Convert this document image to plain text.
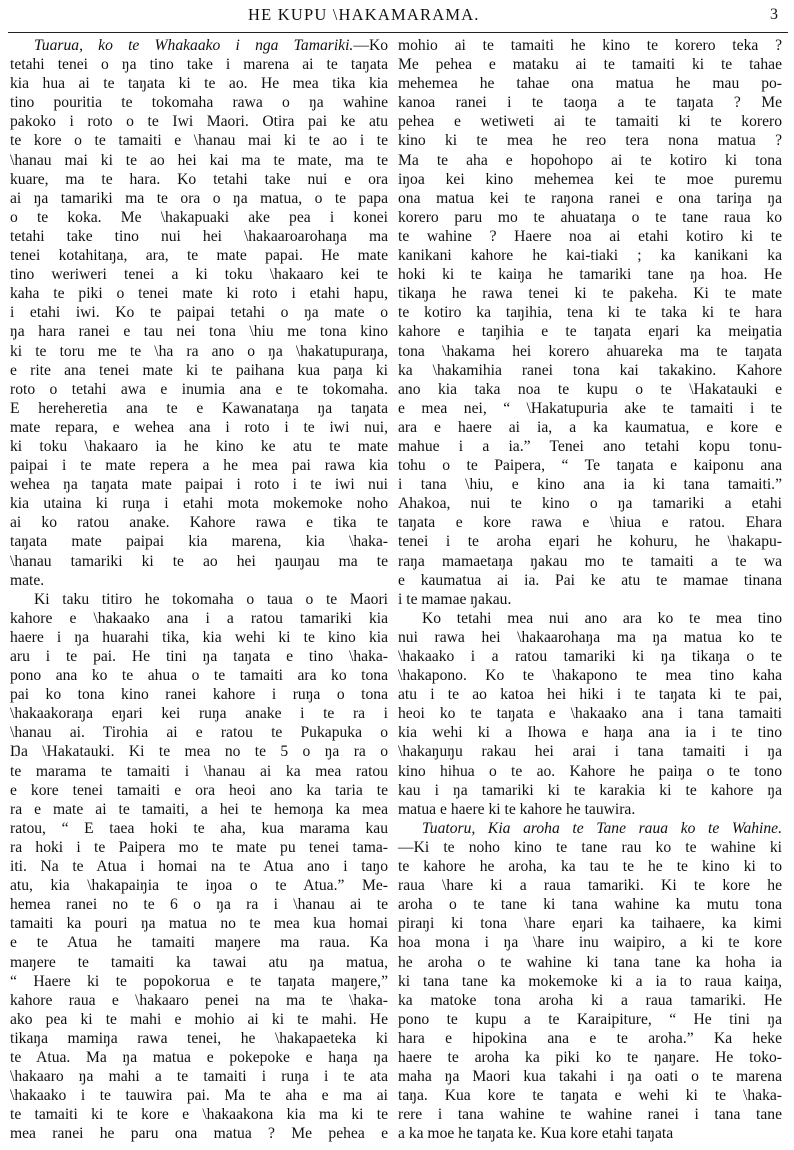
HE KUPU \HAKAMARAMA.	3
Tuarua, ko te Whakaako i nga Tamariki.—Ko
tetahi tenei o ŋa tino take i marena ai te taŋata
kia hua ai te taŋata ki te ao. He mea tika kia
tino pouritia te tokomaha rawa o ŋa wahine
pakoko i roto o te Iwi Maori. Otira pai ke atu
te kore o te tamaiti e \hanau mai ki te ao i te
\hanau mai ki te ao hei kai ma te mate, ma te
kuare, ma te hara. Ko tetahi take nui e ora
ai ŋa tamariki ma te ora o ŋa matua, o te papa
o te koka. Me \hakapuaki ake pea i konei
tetahi take tino nui hei \hakaaroarohaŋa ma
tenei kotahitaŋa, ara, te mate papai. He mate
tino weriweri tenei a ki toku \hakaaro kei te
kaha te piki o tenei mate ki roto i etahi hapu,
i etahi iwi. Ko te paipai tetahi o ŋa mate o
ŋa hara ranei e tau nei tona \hiu me tona kino
ki te toru me te \ha ra ano o ŋa \hakatupuraŋa,
e rite ana tenei mate ki te paihana kua paŋa ki
roto o tetahi awa e inumia ana e te tokomaha.
E hereheretia ana te e Kawanataŋa ŋa taŋata
mate repara, e wehea ana i roto i te iwi nui,
ki toku \hakaaro ia he kino ke atu te mate
paipai i te mate repera a he mea pai rawa kia
wehea ŋa taŋata mate paipai i roto i te iwi nui
kia utaina ki ruŋa i etahi mota mokemoke noho
ai ko ratou anake. Kahore rawa e tika te
taŋata mate paipai kia marena, kia \haka-
\hanau tamariki ki te ao hei ŋauŋau ma te
mate.
Ki taku titiro he tokomaha o taua o te Maori
kahore e \hakaako ana i a ratou tamariki kia
haere i ŋa huarahi tika, kia wehi ki te kino kia
aru i te pai. He tini ŋa taŋata e tino \haka-
pono ana ko te ahua o te tamaiti ara ko tona
pai ko tona kino ranei kahore i ruŋa o tona
\hakaakoraŋa eŋari kei ruŋa anake i te ra i
\hanau ai. Tirohia ai e ratou te Pukapuka o
Ŋa \Hakatauki. Ki te mea no te 5 o ŋa ra o
te marama te tamaiti i \hanau ai ka mea ratou
e kore tenei tamaiti e ora heoi ano ka taria te
ra e mate ai te tamaiti, a hei te hemoŋa ka mea
ratou, “ E taea hoki te aha, kua marama kau
ra hoki i te Paipera mo te mate pu tenei tama-
iti. Na te Atua i homai na te Atua ano i taŋo
atu, kia \hakapaiŋia te iŋoa o te Atua.” Me-
hemea ranei no te 6 o ŋa ra i \hanau ai te
tamaiti ka pouri ŋa matua no te mea kua homai
e te Atua he tamaiti maŋere ma raua. Ka
maŋere te tamaiti ka tawai atu ŋa matua,
“ Haere ki te popokorua e te taŋata maŋere,”
kahore raua e \hakaaro penei na ma te \haka-
ako pea ki te mahi e mohio ai ki te mahi. He
tikaŋa mamiŋa rawa tenei, he \hakapaeteka ki
te Atua. Ma ŋa matua e pokepoke e haŋa ŋa
\hakaaro ŋa mahi a te tamaiti i ruŋa i te ata
\hakaako i te tauwira pai. Ma te aha e ma ai
te tamaiti ki te kore e \hakaakona kia ma ki te
mea ranei he paru ona matua ? Me pehea e
mohio ai te tamaiti he kino te korero teka ?
Me pehea e mataku ai te tamaiti ki te tahae
mehemea he tahae ona matua he mau po-
kanoa ranei i te taoŋa a te taŋata ? Me
pehea e wetiweti ai te tamaiti ki te korero
kino ki te mea he reo tera nona matua ?
Ma te aha e hopohopo ai te kotiro ki tona
iŋoa kei kino mehemea kei te moe puremu
ona matua kei te raŋona ranei e ona tariŋa ŋa
korero paru mo te ahuataŋa o te tane raua ko
te wahine ? Haere noa ai etahi kotiro ki te
kanikani kahore he kai-tiaki ; ka kanikani ka
hoki ki te kaiŋa he tamariki tane ŋa hoa. He
tikaŋa he rawa tenei ki te pakeha. Ki te mate
te kotiro ka taŋihia, tena ki te taka ki te hara
kahore e taŋihia e te taŋata eŋari ka meiŋatia
tona \hakama hei korero ahuareka ma te taŋata
ka \hakamihia ranei tona kai takakino. Kahore
ano kia taka noa te kupu o te \Hakatauki e
e mea nei, “ \Hakatupuria ake te tamaiti i te
ara e haere ai ia, a ka kaumatua, e kore e
mahue i a ia.” Tenei ano tetahi kopu tonu-
tohu o te Paipera, “ Te taŋata e kaiponu ana
i tana \hiu, e kino ana ia ki tana tamaiti.”
Ahakoa, nui te kino o ŋa tamariki a etahi
taŋata e kore rawa e \hiua e ratou. Ehara
tenei i te aroha eŋari he kohuru, he \hakapu-
raŋa mamaetaŋa ŋakau mo te tamaiti a te wa
e kaumatua ai ia. Pai ke atu te mamae tinana
i te mamae ŋakau.
Ko tetahi mea nui ano ara ko te mea tino
nui rawa hei \hakaarohaŋa ma ŋa matua ko te
\hakaako i a ratou tamariki ki ŋa tikaŋa o te
\hakapono. Ko te \hakapono te mea tino kaha
atu i te ao katoa hei hiki i te taŋata ki te pai,
heoi ko te taŋata e \hakaako ana i tana tamaiti
kia wehi ki a Ihowa e haŋa ana ia i te tino
\hakaŋuŋu rakau hei arai i tana tamaiti i ŋa
kino hihua o te ao. Kahore he paiŋa o te tono
kau i ŋa tamariki ki te karakia ki te kahore ŋa
matua e haere ki te kahore he tauwira.
Tuatoru, Kia aroha te Tane raua ko te Wahine.
—Ki te noho kino te tane rau ko te wahine ki
te kahore he aroha, ka tau te he te kino ki to
raua \hare ki a raua tamariki. Ki te kore he
aroha o te tane ki tana wahine ka mutu tona
piraŋi ki tona \hare eŋari ka taihaere, ka kimi
hoa mona i ŋa \hare inu waipiro, a ki te kore
he aroha o te wahine ki tana tane ka hoha ia
ki tana tane ka mokemoke ki a ia to raua kaiŋa,
ka matoke tona aroha ki a raua tamariki. He
pono te kupu a te Karaipiture, “ He tini ŋa
hara e hipokina ana e te aroha.” Ka heke
haere te aroha ka piki ko te ŋaŋare. He toko-
maha ŋa Maori kua takahi i ŋa oati o te marena
taŋa. Kua kore te taŋata e wehi ki te \haka-
rere i tana wahine te wahine ranei i tana tane
a ka moe he taŋata ke. Kua kore etahi taŋata
